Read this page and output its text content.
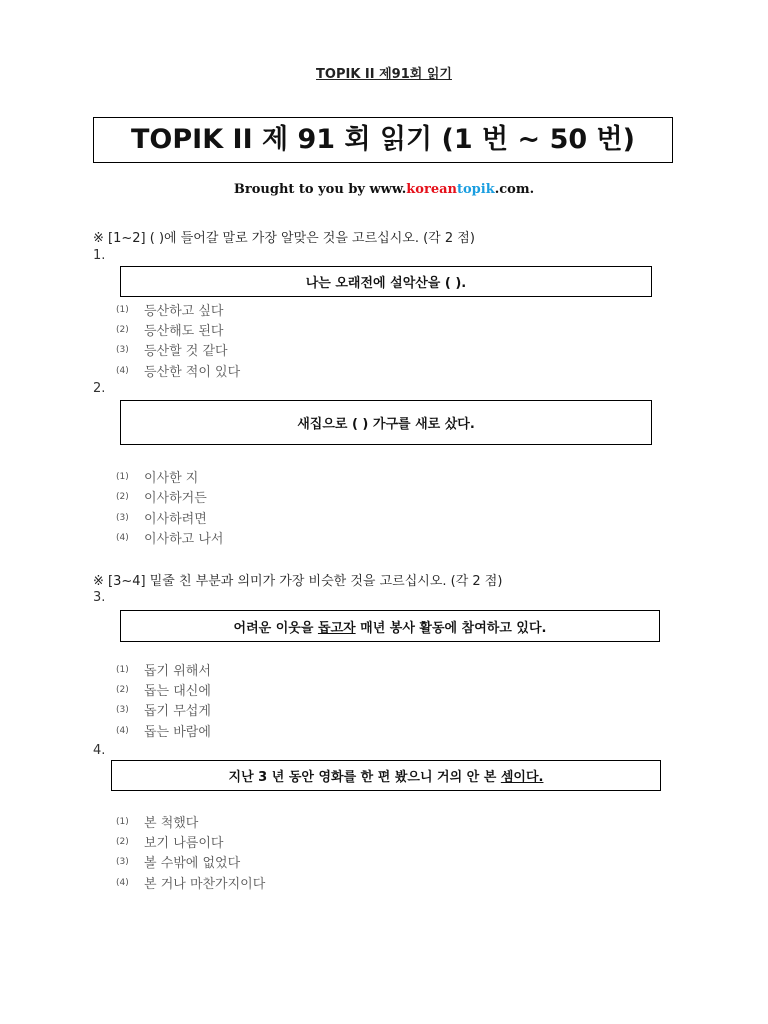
TOPIK II 제91회 읽기
TOPIK II 제 91 회 읽기 (1 번 ~ 50 번)
Brought to you by www.koreantopik.com.
※ [1~2] ( )에 들어갈 말로 가장 알맞은 것을 고르십시오. (각 2 점)
1.
나는 오래전에 설악산을 ( ).
(1)	등산하고 싶다
(2)	등산해도 된다
(3)	등산할 것 같다
(4)	등산한 적이 있다
2.
새집으로 ( ) 가구를 새로 샀다.
(1)	이사한 지
(2)	이사하거든
(3)	이사하려면
(4)	이사하고 나서
※ [3~4] 밑줄 친 부분과 의미가 가장 비슷한 것을 고르십시오. (각 2 점)
3.
어려운 이웃을 돕고자 매년 봉사 활동에 참여하고 있다.
(1)	돕기 위해서
(2)	돕는 대신에
(3)	돕기 무섭게
(4)	돕는 바람에
4.
지난 3 년 동안 영화를 한 편 봤으니 거의 안 본 셈이다.
(1)	본 척했다
(2)	보기 나름이다
(3)	볼 수밖에 없었다
(4)	본 거나 마찬가지이다
